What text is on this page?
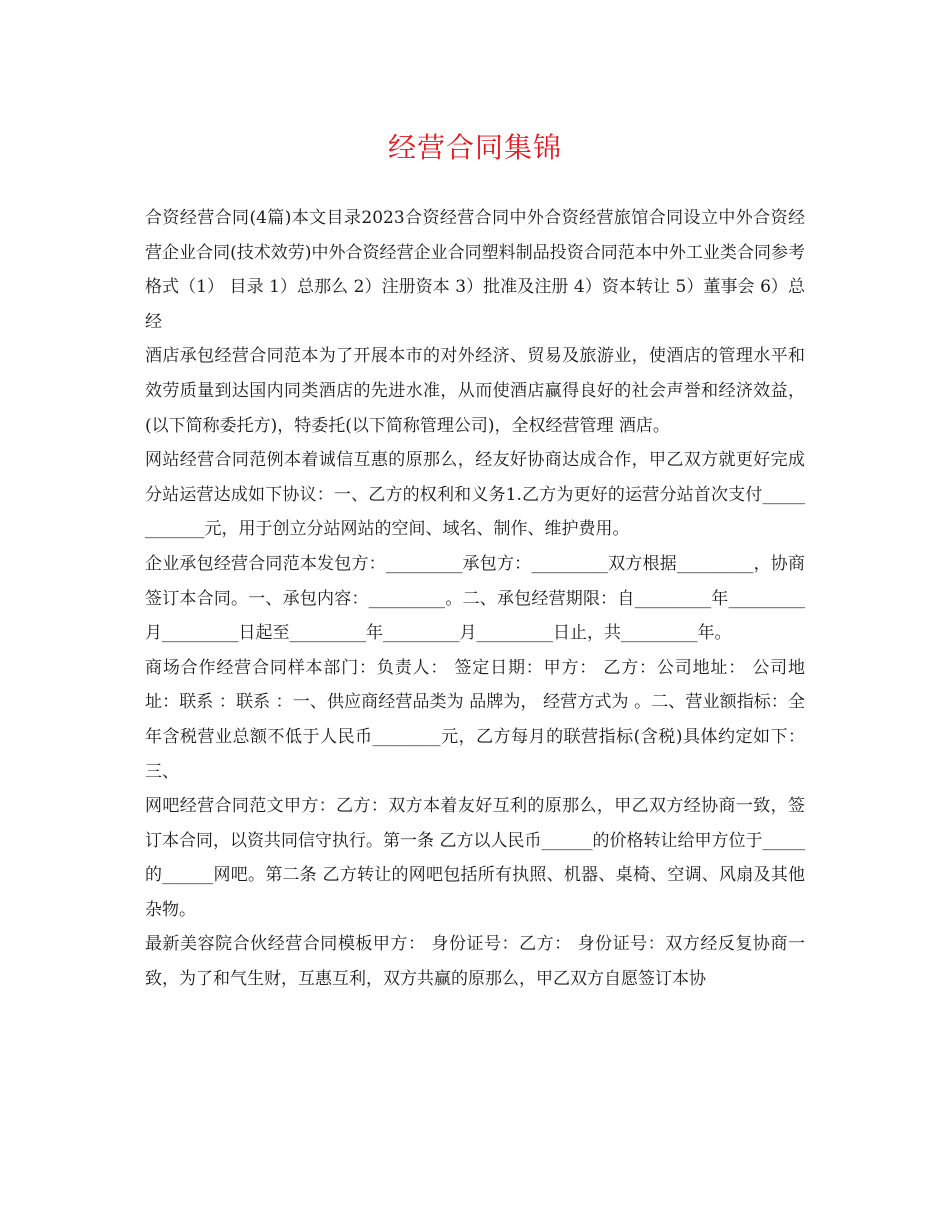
经营合同集锦

合资经营合同(4篇)本文目录2023合资经营合同中外合资经营旅馆合同设立中外合资经营企业合同(技术效劳)中外合资经营企业合同塑料制品投资合同范本中外工业类合同参考格式（1） 目录 1）总那么 2）注册资本 3）批准及注册 4）资本转让 5）董事会 6）总经

酒店承包经营合同范本为了开展本市的对外经济、贸易及旅游业，使酒店的管理水平和效劳质量到达国内同类酒店的先进水准，从而使酒店赢得良好的社会声誉和经济效益，(以下简称委托方)，特委托(以下简称管理公司)，全权经营管理 酒店。

网站经营合同范例本着诚信互惠的原那么，经友好协商达成合作，甲乙双方就更好完成分站运营达成如下协议：一、乙方的权利和义务1.乙方为更好的运营分站首次支付____________元，用于创立分站网站的空间、域名、制作、维护费用。

企业承包经营合同范本发包方：_________承包方：_________双方根据_________，协商签订本合同。一、承包内容：_________。二、承包经营期限：自_________年_________月_________日起至_________年_________月_________日止，共_________年。

商场合作经营合同样本部门：负责人： 签定日期：甲方： 乙方：公司地址： 公司地址：联系 ：联系 ：一、供应商经营品类为 品牌为， 经营方式为 。二、营业额指标：全年含税营业总额不低于人民币________元，乙方每月的联营指标(含税)具体约定如下：三、

网吧经营合同范文甲方：乙方：双方本着友好互利的原那么，甲乙双方经协商一致，签订本合同，以资共同信守执行。第一条 乙方以人民币______的价格转让给甲方位于_____的______网吧。第二条 乙方转让的网吧包括所有执照、机器、桌椅、空调、风扇及其他杂物。

最新美容院合伙经营合同模板甲方： 身份证号：乙方： 身份证号：双方经反复协商一致，为了和气生财，互惠互利，双方共赢的原那么，甲乙双方自愿签订本协
